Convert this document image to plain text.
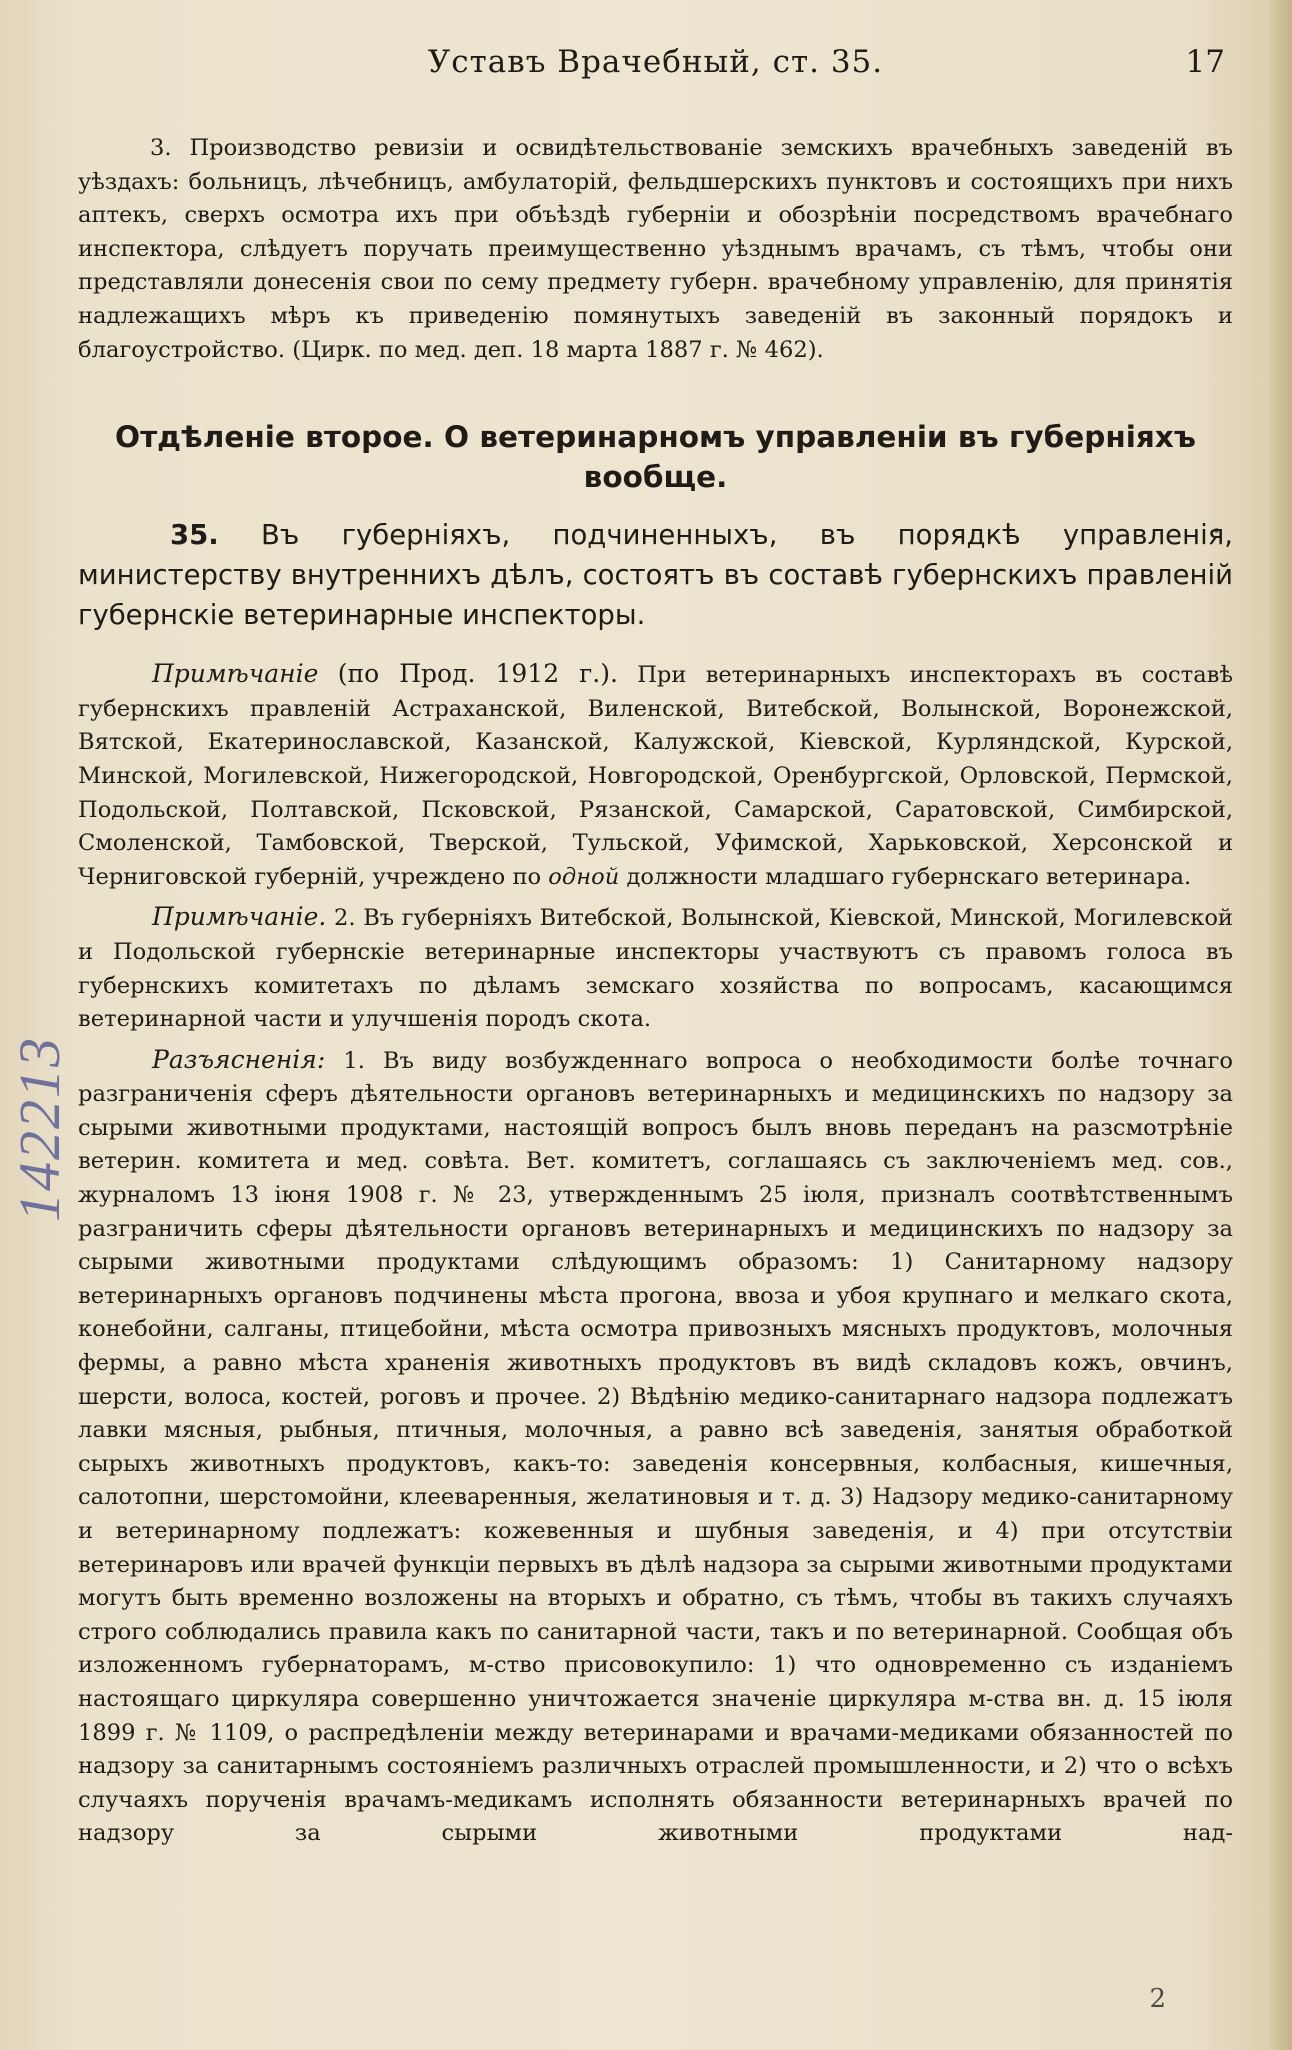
142213
Уставъ Врачебный, ст. 35.	17

3. Производство ревизіи и освидѣтельствованіе земскихъ врачебныхъ заведеній въ уѣздахъ: больницъ, лѣчебницъ, амбулаторій, фельдшерскихъ пунктовъ и состоящихъ при нихъ аптекъ, сверхъ осмотра ихъ при объѣздѣ губерніи и обозрѣніи посредствомъ врачебнаго инспектора, слѣдуетъ поручать преимущественно уѣзднымъ врачамъ, съ тѣмъ, чтобы они представляли донесенія свои по сему предмету губерн. врачебному управленію, для принятія надлежащихъ мѣръ къ приведенію помянутыхъ заведеній въ законный порядокъ и благоустройство. (Цирк. по мед. деп. 18 марта 1887 г. № 462).

Отдѣленіе второе. О ветеринарномъ управленіи въ губерніяхъ вообще.

35. Въ губерніяхъ, подчиненныхъ, въ порядкѣ управленія, министерству внутреннихъ дѣлъ, состоятъ въ составѣ губернскихъ правленій губернскіе ветеринарные инспекторы.

Примѣчаніе (по Прод. 1912 г.). При ветеринарныхъ инспекторахъ въ составѣ губернскихъ правленій Астраханской, Виленской, Витебской, Волынской, Воронежской, Вятской, Екатеринославской, Казанской, Калужской, Кіевской, Курляндской, Курской, Минской, Могилевской, Нижегородской, Новгородской, Оренбургской, Орловской, Пермской, Подольской, Полтавской, Псковской, Рязанской, Самарской, Саратовской, Симбирской, Смоленской, Тамбовской, Тверской, Тульской, Уфимской, Харьковской, Херсонской и Черниговской губерній, учреждено по одной должности младшаго губернскаго ветеринара.

Примѣчаніе. 2. Въ губерніяхъ Витебской, Волынской, Кіевской, Минской, Могилевской и Подольской губернскіе ветеринарные инспекторы участвуютъ съ правомъ голоса въ губернскихъ комитетахъ по дѣламъ земскаго хозяйства по вопросамъ, касающимся ветеринарной части и улучшенія породъ скота.

Разъясненія: 1. Въ виду возбужденнаго вопроса о необходимости болѣе точнаго разграниченія сферъ дѣятельности органовъ ветеринарныхъ и медицинскихъ по надзору за сырыми животными продуктами, настоящій вопросъ былъ вновь переданъ на разсмотрѣніе ветерин. комитета и мед. совѣта. Вет. комитетъ, соглашаясь съ заключеніемъ мед. сов., журналомъ 13 іюня 1908 г. № 23, утвержденнымъ 25 іюля, призналъ соотвѣтственнымъ разграничить сферы дѣятельности органовъ ветеринарныхъ и медицинскихъ по надзору за сырыми животными продуктами слѣдующимъ образомъ: 1) Санитарному надзору ветеринарныхъ органовъ подчинены мѣста прогона, ввоза и убоя крупнаго и мелкаго скота, конебойни, салганы, птицебойни, мѣста осмотра привозныхъ мясныхъ продуктовъ, молочныя фермы, а равно мѣста храненія животныхъ продуктовъ въ видѣ складовъ кожъ, овчинъ, шерсти, волоса, костей, роговъ и прочее. 2) Вѣдѣнію медико-санитарнаго надзора подлежатъ лавки мясныя, рыбныя, птичныя, молочныя, а равно всѣ заведенія, занятыя обработкой сырыхъ животныхъ продуктовъ, какъ-то: заведенія консервныя, колбасныя, кишечныя, салотопни, шерстомойни, клееваренныя, желатиновыя и т. д. 3) Надзору медико-санитарному и ветеринарному подлежатъ: кожевенныя и шубныя заведенія, и 4) при отсутствіи ветеринаровъ или врачей функціи первыхъ въ дѣлѣ надзора за сырыми животными продуктами могутъ быть временно возложены на вторыхъ и обратно, съ тѣмъ, чтобы въ такихъ случаяхъ строго соблюдались правила какъ по санитарной части, такъ и по ветеринарной. Сообщая объ изложенномъ губернаторамъ, м-ство присовокупило: 1) что одновременно съ изданіемъ настоящаго циркуляра совершенно уничтожается значеніе циркуляра м-ства вн. д. 15 іюля 1899 г. № 1109, о распредѣленіи между ветеринарами и врачами-медиками обязанностей по надзору за санитарнымъ состояніемъ различныхъ отраслей промышленности, и 2) что о всѣхъ случаяхъ порученія врачамъ-медикамъ исполнять обязанности ветеринарныхъ врачей по надзору за сырыми животными продуктами над-

2
